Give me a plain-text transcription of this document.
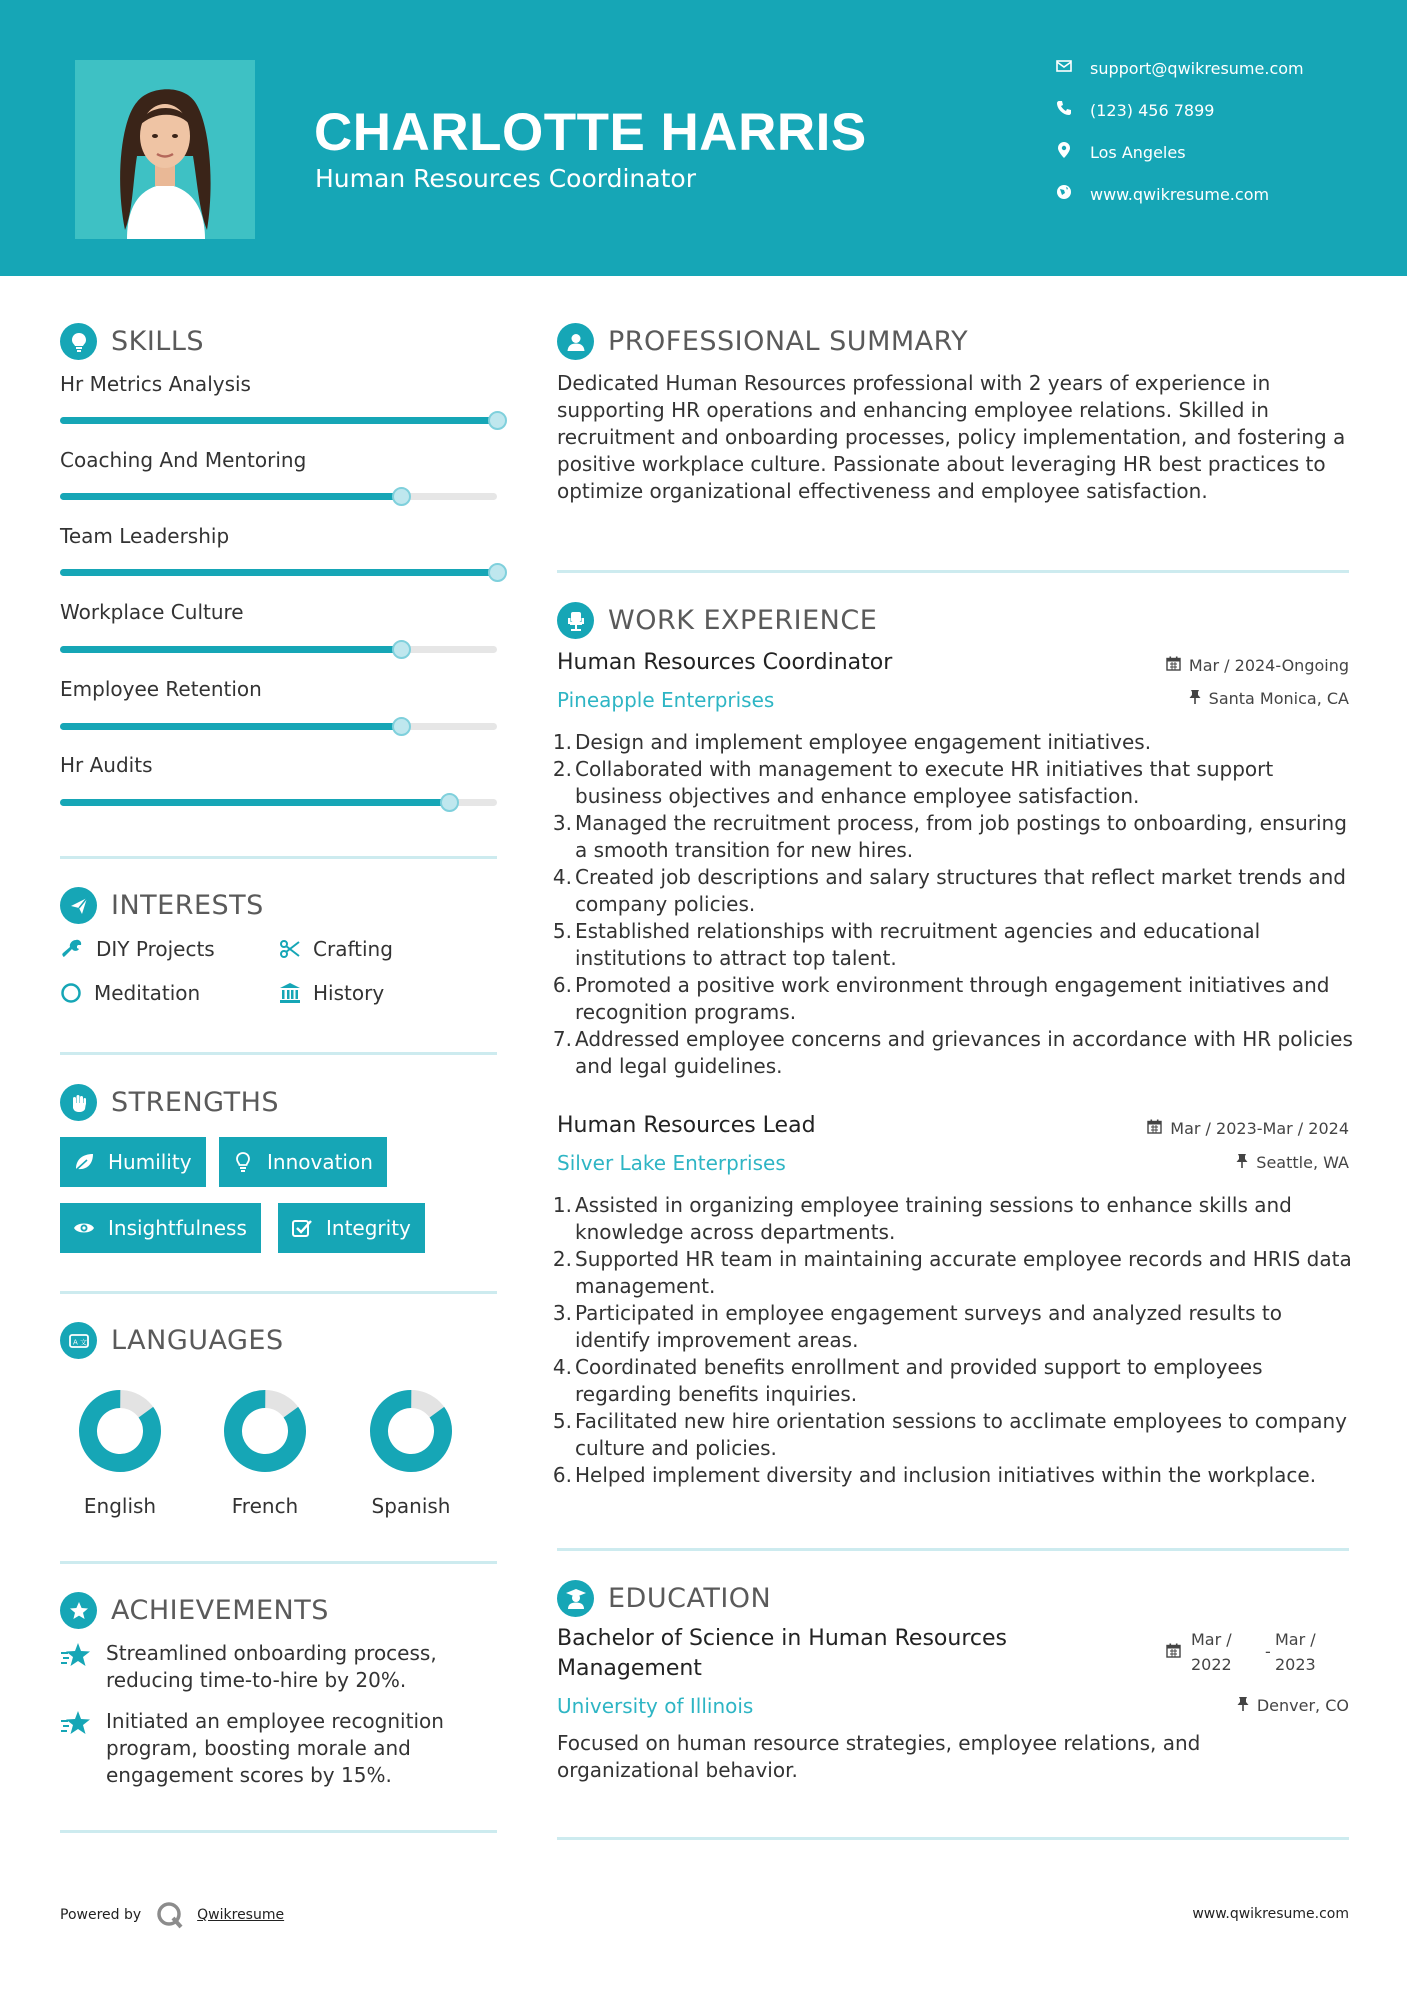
CHARLOTTE HARRIS
Human Resources Coordinator
support@qwikresume.com
(123) 456 7899
Los Angeles
www.qwikresume.com
SKILLS
Hr Metrics Analysis
Coaching And Mentoring
Team Leadership
Workplace Culture
Employee Retention
Hr Audits
INTERESTS
DIY Projects	Crafting
Meditation	History
STRENGTHS
Humility	Innovation
Insightfulness	Integrity
A 文 LANGUAGES
English	French	Spanish
ACHIEVEMENTS
Streamlined onboarding process, reducing time-to-hire by 20%.
Initiated an employee recognition program, boosting morale and engagement scores by 15%.
PROFESSIONAL SUMMARY
Dedicated Human Resources professional with 2 years of experience in supporting HR operations and enhancing employee relations. Skilled in recruitment and onboarding processes, policy implementation, and fostering a positive workplace culture. Passionate about leveraging HR best practices to optimize organizational effectiveness and employee satisfaction.
WORK EXPERIENCE
Human Resources Coordinator
Pineapple Enterprises
Mar / 2024-Ongoing
Santa Monica, CA
1. Design and implement employee engagement initiatives.
2. Collaborated with management to execute HR initiatives that support business objectives and enhance employee satisfaction.
3. Managed the recruitment process, from job postings to onboarding, ensuring a smooth transition for new hires.
4. Created job descriptions and salary structures that reflect market trends and company policies.
5. Established relationships with recruitment agencies and educational institutions to attract top talent.
6. Promoted a positive work environment through engagement initiatives and recognition programs.
7. Addressed employee concerns and grievances in accordance with HR policies and legal guidelines.
Human Resources Lead
Silver Lake Enterprises
Mar / 2023-Mar / 2024
Seattle, WA
1. Assisted in organizing employee training sessions to enhance skills and knowledge across departments.
2. Supported HR team in maintaining accurate employee records and HRIS data management.
3. Participated in employee engagement surveys and analyzed results to identify improvement areas.
4. Coordinated benefits enrollment and provided support to employees regarding benefits inquiries.
5. Facilitated new hire orientation sessions to acclimate employees to company culture and policies.
6. Helped implement diversity and inclusion initiatives within the workplace.
EDUCATION
Bachelor of Science in Human Resources Management
University of Illinois
Mar /
2022
-
Mar /
2023
Denver, CO
Focused on human resource strategies, employee relations, and organizational behavior.
Powered by	Qwikresume	www.qwikresume.com
